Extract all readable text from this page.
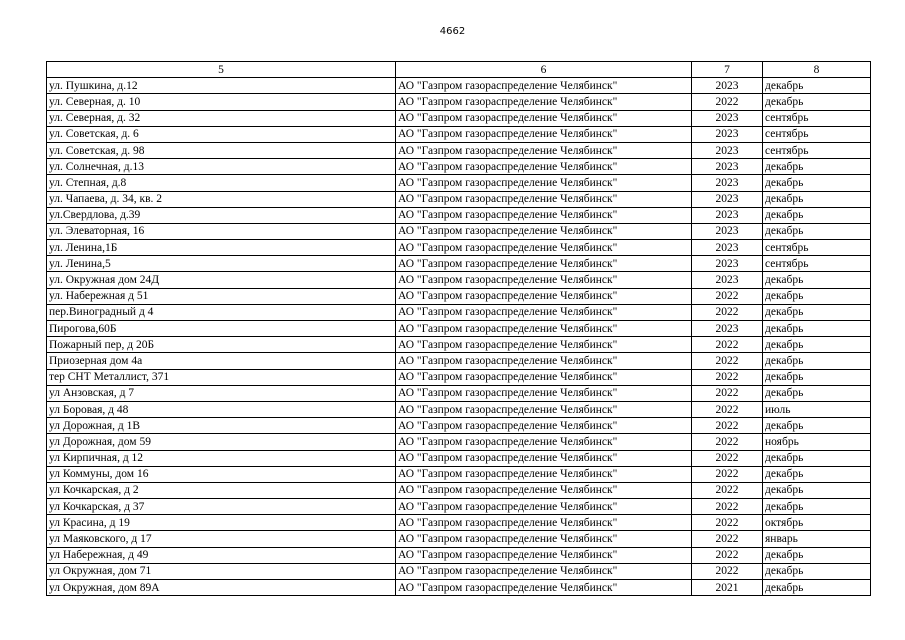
4662
5	6	7	8
ул. Пушкина, д.12	АО "Газпром газораспределение Челябинск"	2023	декабрь
ул. Северная, д. 10	АО "Газпром газораспределение Челябинск"	2022	декабрь
ул. Северная, д. 32	АО "Газпром газораспределение Челябинск"	2023	сентябрь
ул. Советская, д. 6	АО "Газпром газораспределение Челябинск"	2023	сентябрь
ул. Советская, д. 98	АО "Газпром газораспределение Челябинск"	2023	сентябрь
ул. Солнечная, д.13	АО "Газпром газораспределение Челябинск"	2023	декабрь
ул. Степная, д.8	АО "Газпром газораспределение Челябинск"	2023	декабрь
ул. Чапаева, д. 34, кв. 2	АО "Газпром газораспределение Челябинск"	2023	декабрь
ул.Свердлова, д.39	АО "Газпром газораспределение Челябинск"	2023	декабрь
ул. Элеваторная, 16	АО "Газпром газораспределение Челябинск"	2023	декабрь
ул. Ленина,1Б	АО "Газпром газораспределение Челябинск"	2023	сентябрь
ул. Ленина,5	АО "Газпром газораспределение Челябинск"	2023	сентябрь
ул. Окружная дом 24Д	АО "Газпром газораспределение Челябинск"	2023	декабрь
ул. Набережная д 51	АО "Газпром газораспределение Челябинск"	2022	декабрь
пер.Виноградный д 4	АО "Газпром газораспределение Челябинск"	2022	декабрь
Пирогова,60Б	АО "Газпром газораспределение Челябинск"	2023	декабрь
Пожарный пер, д 20Б	АО "Газпром газораспределение Челябинск"	2022	декабрь
Приозерная дом 4а	АО "Газпром газораспределение Челябинск"	2022	декабрь
тер СНТ Металлист, 371	АО "Газпром газораспределение Челябинск"	2022	декабрь
ул Анзовская, д 7	АО "Газпром газораспределение Челябинск"	2022	декабрь
ул Боровая, д 48	АО "Газпром газораспределение Челябинск"	2022	июль
ул Дорожная, д 1В	АО "Газпром газораспределение Челябинск"	2022	декабрь
ул Дорожная, дом 59	АО "Газпром газораспределение Челябинск"	2022	ноябрь
ул Кирпичная, д 12	АО "Газпром газораспределение Челябинск"	2022	декабрь
ул Коммуны, дом 16	АО "Газпром газораспределение Челябинск"	2022	декабрь
ул Кочкарская, д 2	АО "Газпром газораспределение Челябинск"	2022	декабрь
ул Кочкарская, д 37	АО "Газпром газораспределение Челябинск"	2022	декабрь
ул Красина, д 19	АО "Газпром газораспределение Челябинск"	2022	октябрь
ул Маяковского, д 17	АО "Газпром газораспределение Челябинск"	2022	январь
ул Набережная, д 49	АО "Газпром газораспределение Челябинск"	2022	декабрь
ул Окружная, дом 71	АО "Газпром газораспределение Челябинск"	2022	декабрь
ул Окружная, дом 89А	АО "Газпром газораспределение Челябинск"	2021	декабрь
